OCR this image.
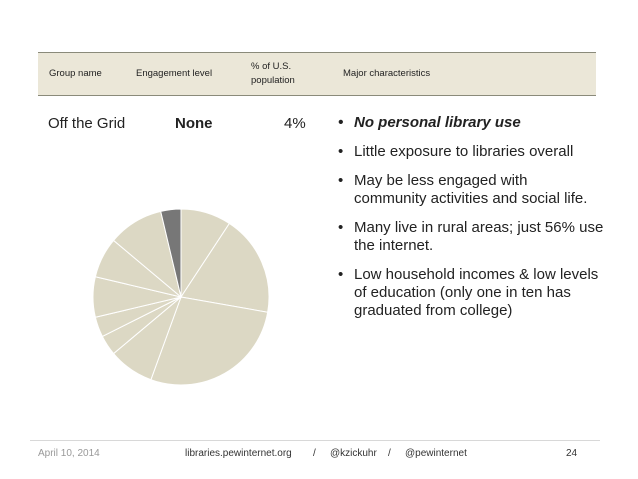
Group name	Engagement level
% of U.S.
population
Major characteristics
Off the Grid	None	4%
•	No personal library use
• Little exposure to libraries overall
• May be less engaged with community activities and social life.
• Many live in rural areas; just 56% use the internet.
• Low household incomes & low levels of education (only one in ten has graduated from college)
April 10, 2014	libraries.pewinternet.org / @kzickuhr / @pewinternet	24
